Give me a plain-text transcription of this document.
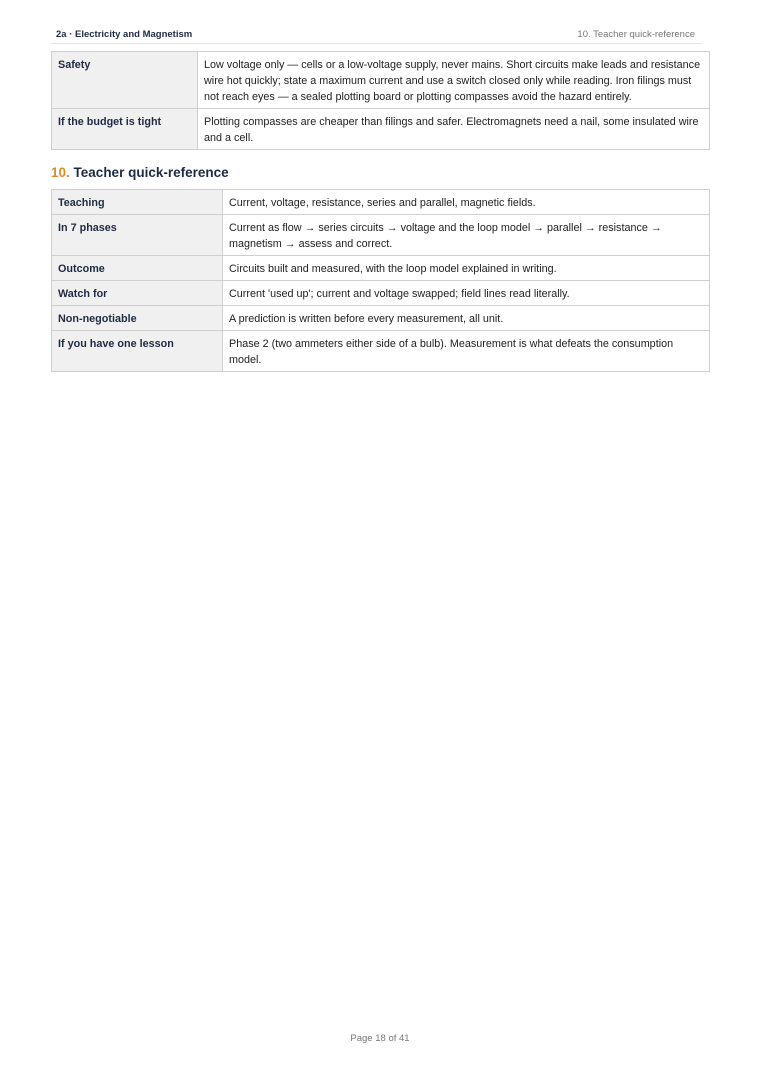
2a · Electricity and Magnetism	10. Teacher quick-reference
Safety	Low voltage only — cells or a low-voltage supply, never mains. Short circuits make leads and resistance wire hot quickly; state a maximum current and use a switch closed only while reading. Iron filings must not reach eyes — a sealed plotting board or plotting compasses avoid the hazard entirely.
If the budget is tight	Plotting compasses are cheaper than filings and safer. Electromagnets need a nail, some insulated wire and a cell.
10. Teacher quick-reference
Teaching	Current, voltage, resistance, series and parallel, magnetic fields.
In 7 phases	Current as flow → series circuits → voltage and the loop model → parallel → resistance → magnetism → assess and correct.
Outcome	Circuits built and measured, with the loop model explained in writing.
Watch for	Current 'used up'; current and voltage swapped; field lines read literally.
Non-negotiable	A prediction is written before every measurement, all unit.
If you have one lesson	Phase 2 (two ammeters either side of a bulb). Measurement is what defeats the consumption model.
Page 18 of 41
